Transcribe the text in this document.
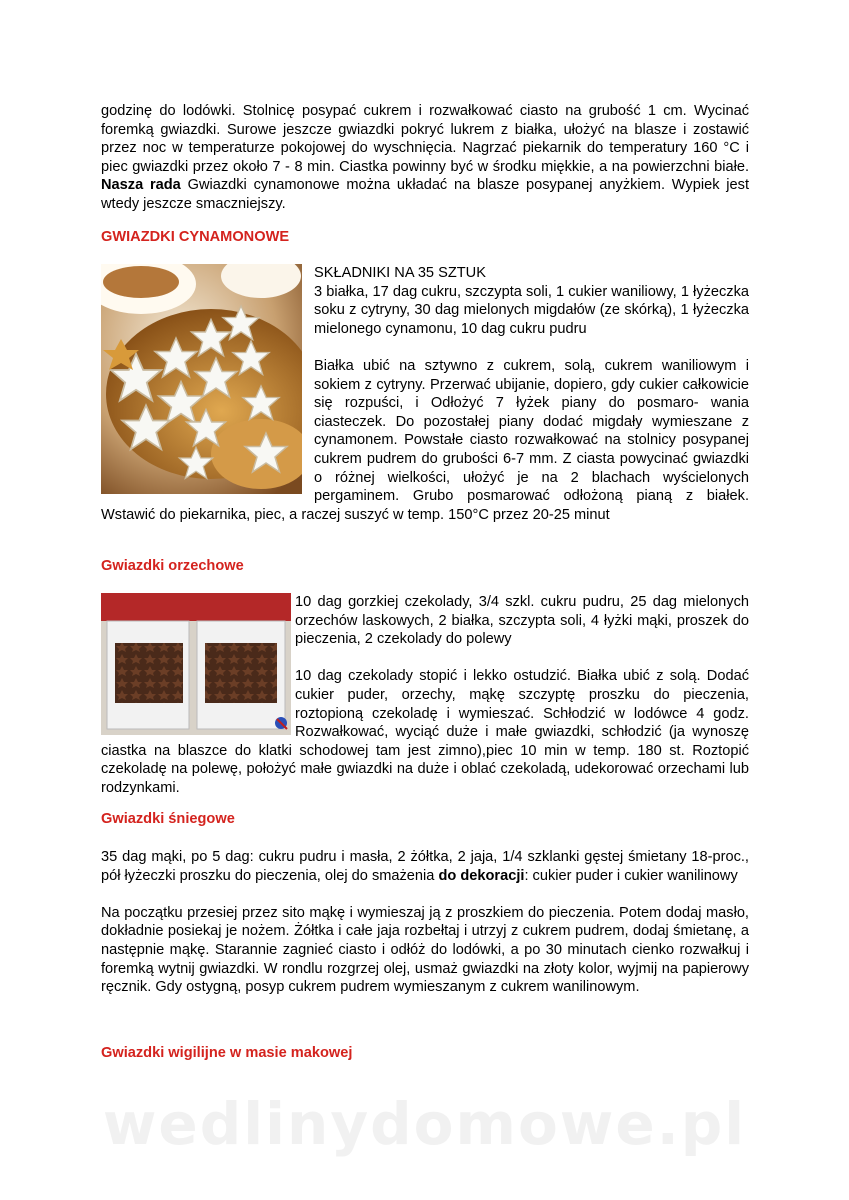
godzinę do lodówki. Stolnicę posypać cukrem i rozwałkować ciasto na grubość 1 cm. Wycinać foremką gwiazdki. Surowe jeszcze gwiazdki pokryć lukrem z białka, ułożyć na blasze i zostawić przez noc w temperaturze pokojowej do wyschnięcia. Nagrzać piekarnik do temperatury 160 °C i piec gwiazdki przez około 7 - 8 min. Ciastka powinny być w środku miękkie, a na powierzchni białe. Nasza rada Gwiazdki cynamonowe można układać na blasze posypanej anyżkiem. Wypiek jest wtedy jeszcze smaczniejszy.

GWIAZDKI CYNAMONOWE

SKŁADNIKI NA 35 SZTUK

3 białka, 17 dag cukru, szczypta soli, 1 cukier waniliowy, 1 łyżeczka soku z cytryny, 30 dag mielonych migdałów (ze skórką), 1 łyżeczka mielonego cynamonu, 10 dag cukru pudru

Białka ubić na sztywno z cukrem, solą, cukrem waniliowym i sokiem z cytryny. Przerwać ubijanie, dopiero, gdy cukier całkowicie się rozpuści, i Odłożyć 7 łyżek piany do posmaro- wania ciasteczek. Do pozostałej piany dodać migdały wymieszane z cynamonem. Powstałe ciasto rozwałkować na stolnicy posypanej cukrem pudrem do grubości 6-7 mm. Z ciasta powycinać gwiazdki o różnej wielkości, ułożyć je na 2 blachach wyścielonych pergaminem. Grubo posmarować odłożoną pianą z białek. Wstawić do piekarnika, piec, a raczej suszyć w temp. 150°C przez 20-25 minut

Gwiazdki orzechowe

10 dag gorzkiej czekolady, 3/4 szkl. cukru pudru, 25 dag mielonych orzechów laskowych, 2 białka, szczypta soli, 4 łyżki mąki, proszek do pieczenia, 2 czekolady do polewy

10 dag czekolady stopić i lekko ostudzić. Białka ubić z solą. Dodać cukier puder, orzechy, mąkę szczyptę proszku do pieczenia, roztopioną czekoladę i wymieszać. Schłodzić w lodówce 4 godz. Rozwałkować, wyciąć duże i małe gwiazdki, schłodzić (ja wynoszę ciastka na blaszce do klatki schodowej tam jest zimno),piec 10 min w temp. 180 st. Roztopić czekoladę na polewę, położyć małe gwiazdki na duże i oblać czekoladą, udekorować orzechami lub rodzynkami.

Gwiazdki śniegowe

35 dag mąki, po 5 dag: cukru pudru i masła, 2 żółtka, 2 jaja, 1/4 szklanki gęstej śmietany 18-proc., pół łyżeczki proszku do pieczenia, olej do smażenia do dekoracji: cukier puder i cukier wanilinowy

Na początku przesiej przez sito mąkę i wymieszaj ją z proszkiem do pieczenia. Potem dodaj masło, dokładnie posiekaj je nożem. Żółtka i całe jaja rozbełtaj i utrzyj z cukrem pudrem, dodaj śmietanę, a następnie mąkę. Starannie zagnieć ciasto i odłóż do lodówki, a po 30 minutach cienko rozwałkuj i foremką wytnij gwiazdki. W rondlu rozgrzej olej, usmaż gwiazdki na złoty kolor, wyjmij na papierowy ręcznik. Gdy ostygną, posyp cukrem pudrem wymieszanym z cukrem wanilinowym.

Gwiazdki wigilijne w masie makowej
wedlinydomowe.pl
